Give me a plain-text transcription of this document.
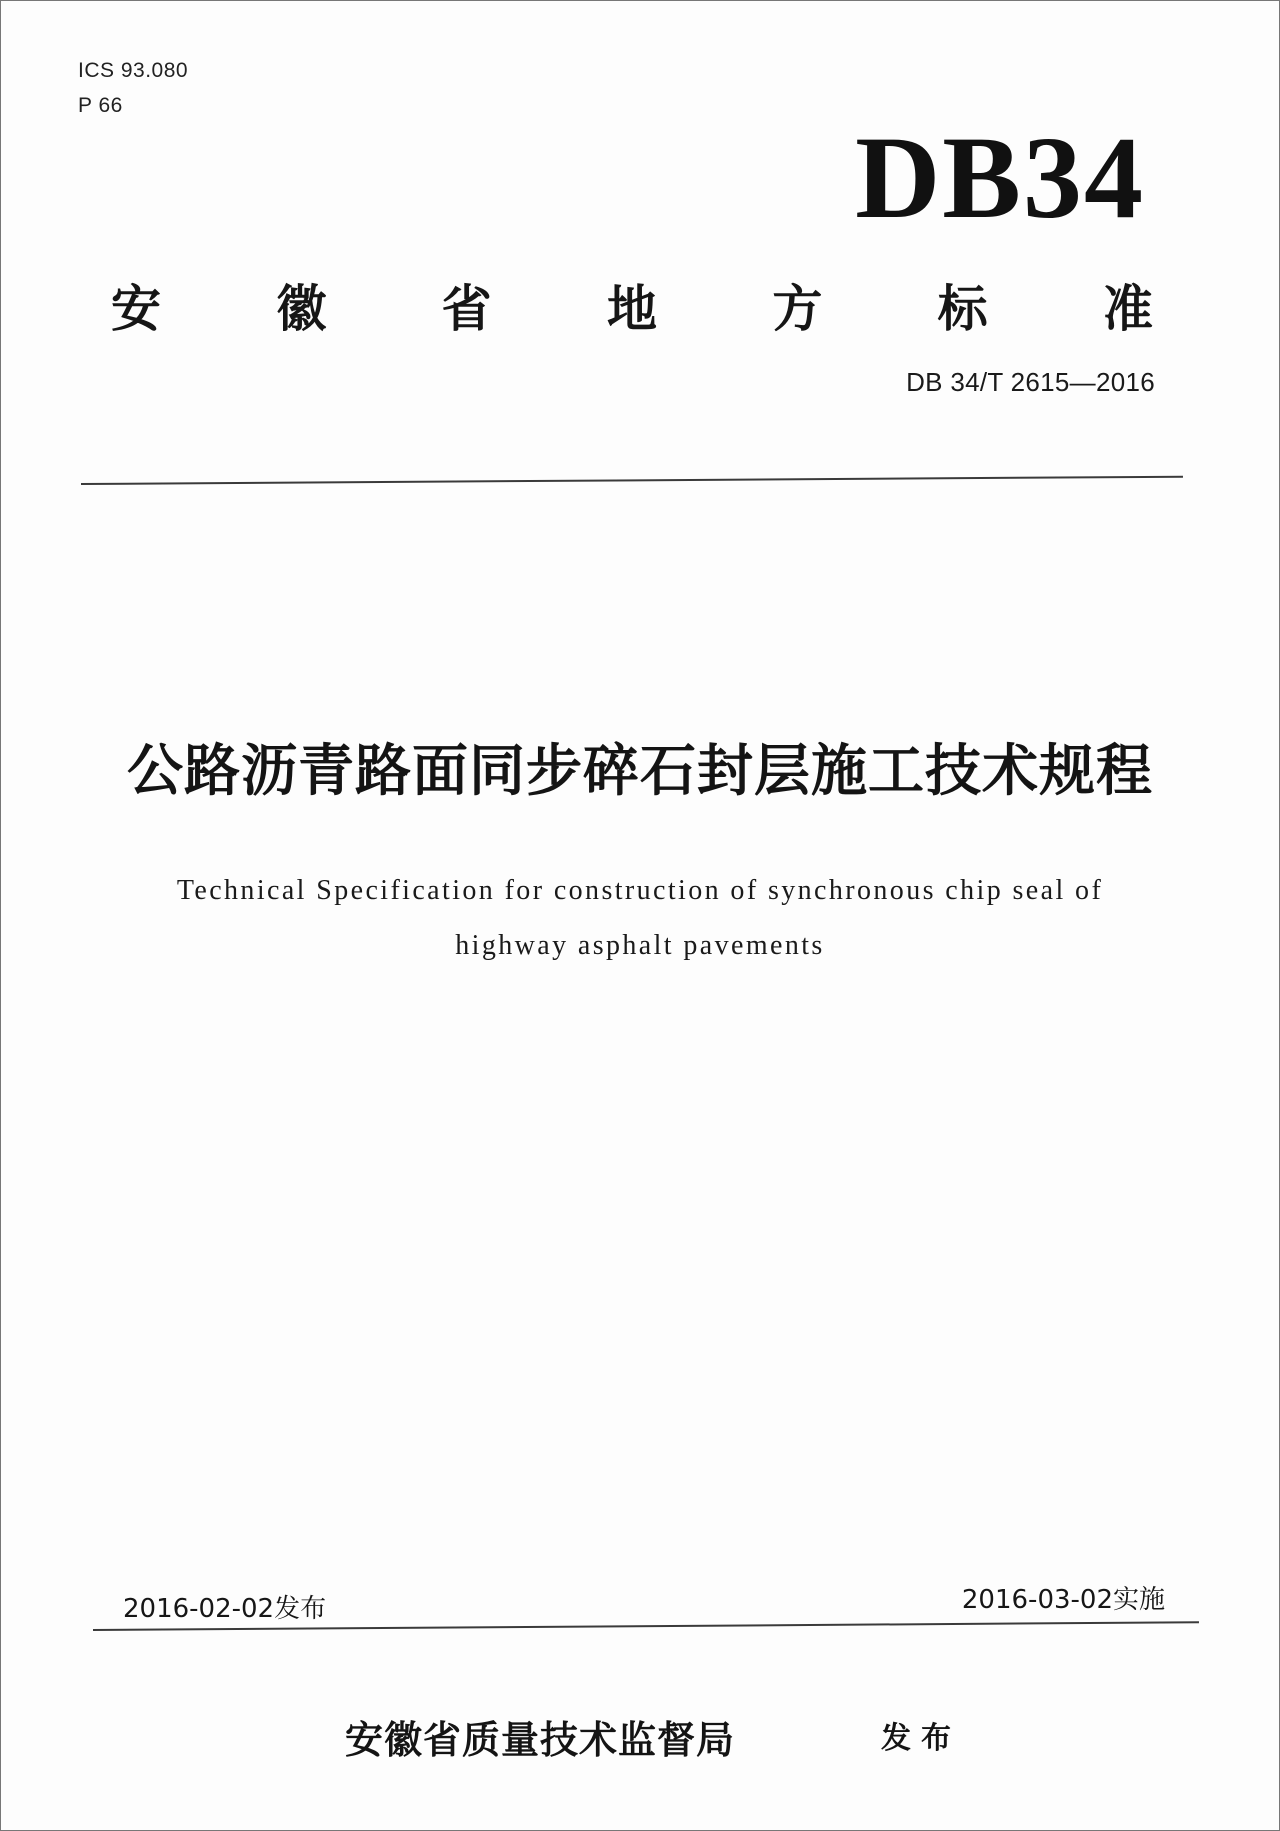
ICS 93.080
P 66
DB34
安 徽 省 地 方 标 准
DB 34/T 2615—2016
公路沥青路面同步碎石封层施工技术规程
Technical Specification for construction of synchronous chip seal of
highway asphalt pavements
2016-02-02发布	2016-03-02实施
安徽省质量技术监督局	发布
